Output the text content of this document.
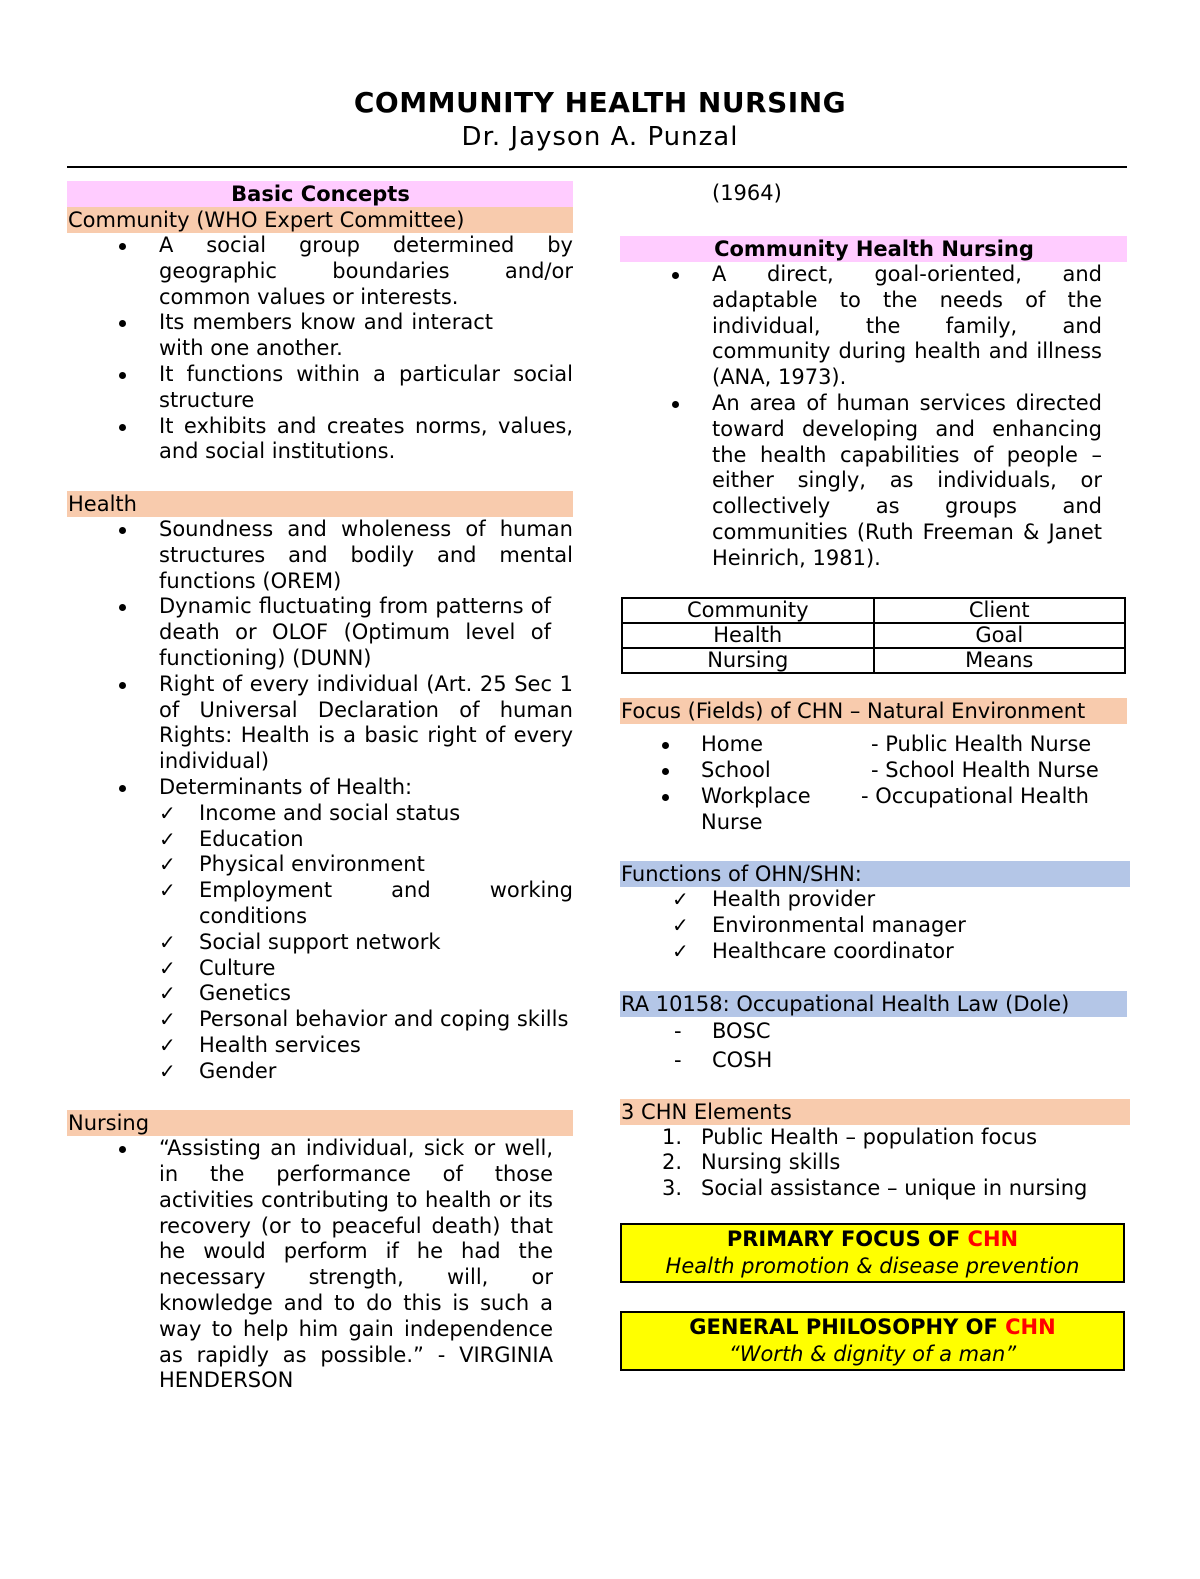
COMMUNITY HEALTH NURSING
Dr. Jayson A. Punzal
Basic Concepts
Community (WHO Expert Committee)
A social group determined by geographic boundaries and/or common values or interests.
Its members know and interact with one another.
It functions within a particular social structure
It exhibits and creates norms, values, and social institutions.
Health
Soundness and wholeness of human structures and bodily and mental functions (OREM)
Dynamic fluctuating from patterns of death or OLOF (Optimum level of functioning) (DUNN)
Right of every individual (Art. 25 Sec 1 of Universal Declaration of human Rights: Health is a basic right of every individual)
Determinants of Health:
✓ Income and social status
✓ Education
✓ Physical environment
✓ Employment and working conditions
✓ Social support network
✓ Culture
✓ Genetics
✓ Personal behavior and coping skills
✓ Health services
✓ Gender
Nursing
“Assisting an individual, sick or well, in the performance of those activities contributing to health or its recovery (or to peaceful death) that he would perform if he had the necessary strength, will, or knowledge and to do this is such a way to help him gain independence as rapidly as possible.” - VIRGINIA HENDERSON
(1964)
Community Health Nursing
A direct, goal-oriented, and adaptable to the needs of the individual, the family, and community during health and illness (ANA, 1973).
An area of human services directed toward developing and enhancing the health capabilities of people – either singly, as individuals, or collectively as groups and communities (Ruth Freeman & Janet Heinrich, 1981).
Community	Client
Health	Goal
Nursing	Means
Focus (Fields) of CHN – Natural Environment
Home	- Public Health Nurse
School	- School Health Nurse
Workplace - Occupational Health Nurse
Functions of OHN/SHN:
✓ Health provider
✓ Environmental manager
✓ Healthcare coordinator
RA 10158: Occupational Health Law (Dole)
- BOSC
- COSH
3 CHN Elements
1. Public Health – population focus
2. Nursing skills
3. Social assistance – unique in nursing
PRIMARY FOCUS OF CHN
Health promotion & disease prevention
GENERAL PHILOSOPHY OF CHN
“Worth & dignity of a man”
